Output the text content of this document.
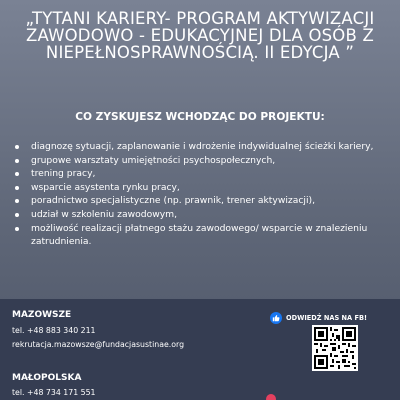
„TYTANI KARIERY- PROGRAM AKTYWIZACJI ZAWODOWO - EDUKACYJNEJ DLA OSÓB Z NIEPEŁNOSPRAWNOŚCIĄ. II EDYCJA ”
CO ZYSKUJESZ WCHODZĄC DO PROJEKTU:
diagnozę sytuacji, zaplanowanie i wdrożenie indywidualnej ścieżki kariery,
grupowe warsztaty umiejętności psychospołecznych,
trening pracy,
wsparcie asystenta rynku pracy,
poradnictwo specjalistyczne (np. prawnik, trener aktywizacji),
udział w szkoleniu zawodowym,
możliwość realizacji płatnego stażu zawodowego/ wsparcie w znalezieniu zatrudnienia.
MAZOWSZE
tel. +48 883 340 211
rekrutacja.mazowsze@fundacjasustinae.org
MAŁOPOLSKA
tel. +48 734 171 551
ODWIEDŹ NAS NA FB!
